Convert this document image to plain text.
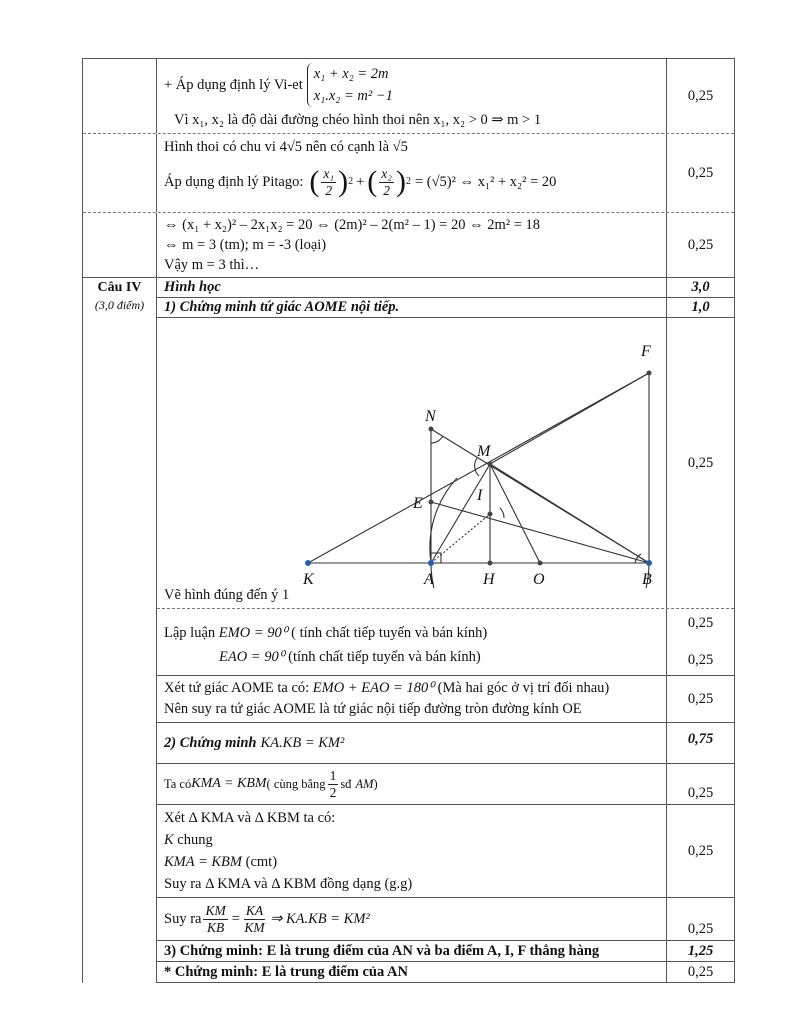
+ Áp dụng định lý Vi-et
x₁ + x₂ = 2m
x₁.x₂ = m² −1

Vì x₁, x₂ là độ dài đường chéo hình thoi nên x₁, x₂ > 0 ⇒ m > 1

0,25

Hình thoi có chu vi 4√5 nên có cạnh là √5

Áp dụng định lý Pitago: ( $\frac{\text{x₁}}{2}$ ) 2 + ( $\frac{\text{x₂}}{2}$ ) 2 = (√5)² ⇔ x₁² + x₂² = 20
0,25

⇔ (x₁ + x₂)² – 2x₁x₂ = 20 ⇔ (2m)² – 2(m² – 1) = 20 ⇔ 2m² = 18

⇔ m = 3 (tm); m = -3 (loại)

Vậy m = 3 thì…

0,25
Câu IV
(3,0 điểm)
Hình học	3,0
1) Chứng minh tứ giác AOME nội tiếp.	1,0
F
N
M
E	I
K	A	H O	B
Vẽ hình đúng đến ý 1
0,25

Lập luận EMO = 90⁰ ( tính chất tiếp tuyến và bán kính)

EAO = 90⁰ (tính chất tiếp tuyến và bán kính)

0,25
0,25

Xét tứ giác AOME ta có: EMO + EAO = 180⁰ (Mà hai góc ở vị trí đối nhau)

Nên suy ra tứ giác AOME là tứ giác nội tiếp đường tròn đường kính OE

0,25
2) Chứng minh KA.KB = KM²	0,75
Ta có KMA = KBM ( cùng bằng $\frac{1}{2}$ sđ AM )
0,25

Xét Δ KMA và Δ KBM ta có:

K chung

KMA = KBM (cmt)

Suy ra Δ KMA và Δ KBM đồng dạng (g.g)

0,25
Suy ra $\frac{KM}{KB} = \frac{KA}{KM}$ ⇒ KA.KB = KM²
0,25
3) Chứng minh: E là trung điểm của AN và ba điểm A, I, F thẳng hàng	1,25
* Chứng minh: E là trung điểm của AN	0,25
